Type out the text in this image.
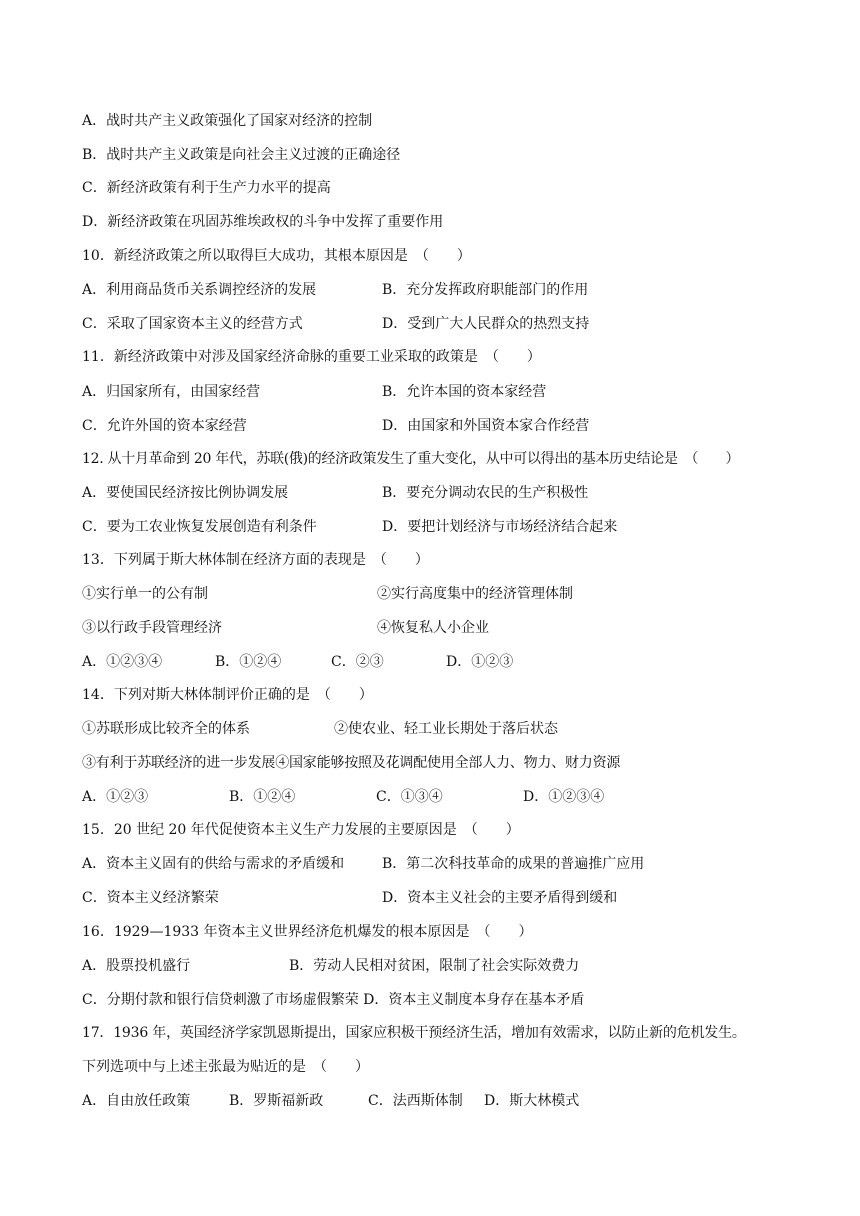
A．战时共产主义政策强化了国家对经济的控制
B．战时共产主义政策是向社会主义过渡的正确途径
C．新经济政策有利于生产力水平的提高
D．新经济政策在巩固苏维埃政权的斗争中发挥了重要作用
10．新经济政策之所以取得巨大成功，其根本原因是　（　　）
A．利用商品货币关系调控经济的发展	B．充分发挥政府职能部门的作用
C．采取了国家资本主义的经营方式	D．受到广大人民群众的热烈支持
11．新经济政策中对涉及国家经济命脉的重要工业采取的政策是　（　　）
A．归国家所有，由国家经营	B．允许本国的资本家经营
C．允许外国的资本家经营	D．由国家和外国资本家合作经营
12. 从十月革命到 20 年代，苏联(俄)的经济政策发生了重大变化，从中可以得出的基本历史结论是　（　　）
A．要使国民经济按比例协调发展	B．要充分调动农民的生产积极性
C．要为工农业恢复发展创造有利条件	D．要把计划经济与市场经济结合起来
13．下列属于斯大林体制在经济方面的表现是　（　　）
①实行单一的公有制	②实行高度集中的经济管理体制
③以行政手段管理经济	④恢复私人小企业
A．①②③④	B．①②④	C．②③	D．①②③
14．下列对斯大林体制评价正确的是　（　　）
①苏联形成比较齐全的体系	②使农业、轻工业长期处于落后状态
③有利于苏联经济的进一步发展④国家能够按照及花调配使用全部人力、物力、财力资源
A．①②③	B．①②④	C．①③④	D．①②③④
15．20 世纪 20 年代促使资本主义生产力发展的主要原因是　（　　）
A．资本主义固有的供给与需求的矛盾缓和	B．第二次科技革命的成果的普遍推广应用
C．资本主义经济繁荣	D．资本主义社会的主要矛盾得到缓和
16．1929—1933 年资本主义世界经济危机爆发的根本原因是　（　　）
A．股票投机盛行	B．劳动人民相对贫困，限制了社会实际效费力
C．分期付款和银行信贷刺激了市场虚假繁荣 D．资本主义制度本身存在基本矛盾
17．1936 年，英国经济学家凯恩斯提出，国家应积极干预经济生活，增加有效需求，以防止新的危机发生。
下列选项中与上述主张最为贴近的是　（　　）
A．自由放任政策	B．罗斯福新政	C．法西斯体制 D．斯大林模式
